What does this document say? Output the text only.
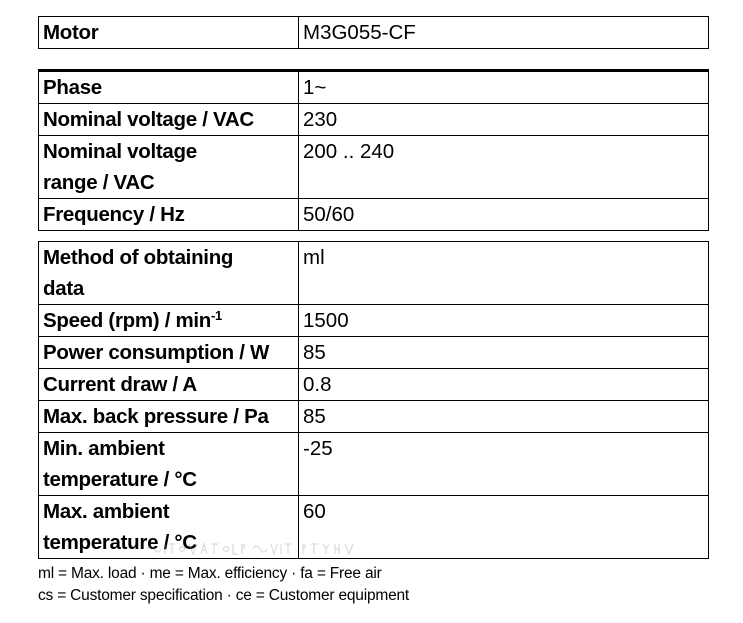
Motor	M3G055-CF
Phase	1~
Nominal voltage / VAC	230

Nominal voltage
range / VAC	200 .. 240
Frequency / Hz	50/60
Method of obtaining
data	ml
Speed $(rpm) / \min^{-1}$	1500
Power consumption / W	85
Current draw / A	0.8
Max. back pressure / Pa	85

Min. ambient
temperature / °C	-25

Max. ambient
temperature / °C	60
ml = Max. load · me = Max. efficiency · fa = Free air
cs = Customer specification · ce = Customer equipment
